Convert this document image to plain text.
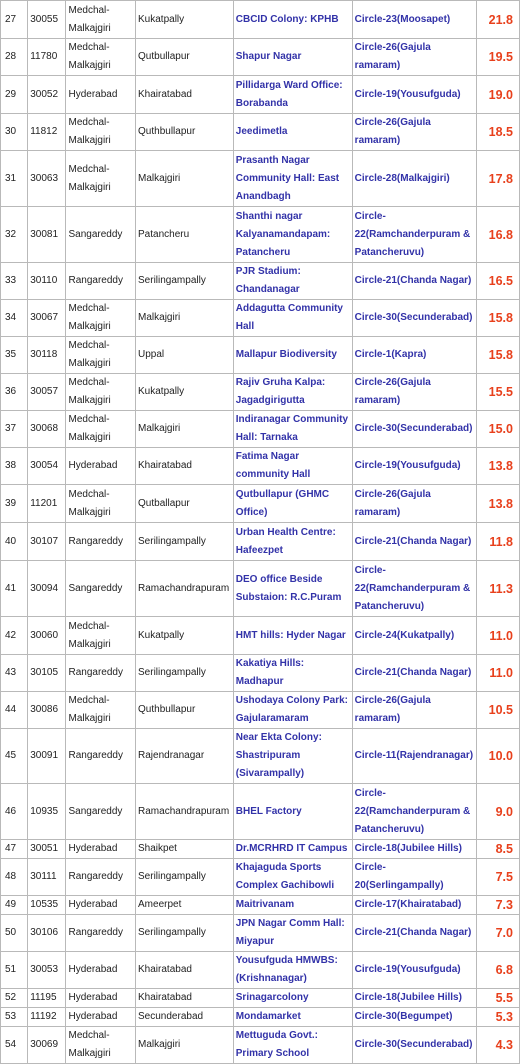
27	30055	Medchal-Malkajgiri	Kukatpally	CBCID Colony: KPHB	Circle-23(Moosapet)	21.8
28	11780	Medchal-Malkajgiri	Qutbullapur	Shapur Nagar	Circle-26(Gajula ramaram)	19.5
29	30052	Hyderabad	Khairatabad	Pillidarga Ward Office: Borabanda	Circle-19(Yousufguda)	19.0
30	11812	Medchal-Malkajgiri	Quthbullapur	Jeedimetla	Circle-26(Gajula ramaram)	18.5
31	30063	Medchal-Malkajgiri	Malkajgiri	Prasanth Nagar Community Hall: East Anandbagh	Circle-28(Malkajgiri)	17.8
32	30081	Sangareddy	Patancheru	Shanthi nagar Kalyanamandapam: Patancheru	Circle-22(Ramchanderpuram & Patancheruvu)	16.8
33	30110	Rangareddy	Serilingampally	PJR Stadium: Chandanagar	Circle-21(Chanda Nagar)	16.5
34	30067	Medchal-Malkajgiri	Malkajgiri	Addagutta Community Hall	Circle-30(Secunderabad)	15.8
35	30118	Medchal-Malkajgiri	Uppal	Mallapur Biodiversity	Circle-1(Kapra)	15.8
36	30057	Medchal-Malkajgiri	Kukatpally	Rajiv Gruha Kalpa: Jagadgirigutta	Circle-26(Gajula ramaram)	15.5
37	30068	Medchal-Malkajgiri	Malkajgiri	Indiranagar Community Hall: Tarnaka	Circle-30(Secunderabad)	15.0
38	30054	Hyderabad	Khairatabad	Fatima Nagar community Hall	Circle-19(Yousufguda)	13.8
39	11201	Medchal-Malkajgiri	Qutballapur	Qutbullapur (GHMC Office)	Circle-26(Gajula ramaram)	13.8
40	30107	Rangareddy	Serilingampally	Urban Health Centre: Hafeezpet	Circle-21(Chanda Nagar)	11.8
41	30094	Sangareddy	Ramachandrapuram	DEO office Beside Substaion: R.C.Puram	Circle-22(Ramchanderpuram & Patancheruvu)	11.3
42	30060	Medchal-Malkajgiri	Kukatpally	HMT hills: Hyder Nagar	Circle-24(Kukatpally)	11.0
43	30105	Rangareddy	Serilingampally	Kakatiya Hills: Madhapur	Circle-21(Chanda Nagar)	11.0
44	30086	Medchal-Malkajgiri	Quthbullapur	Ushodaya Colony Park: Gajularamaram	Circle-26(Gajula ramaram)	10.5
45	30091	Rangareddy	Rajendranagar	Near Ekta Colony: Shastripuram (Sivarampally)	Circle-11(Rajendranagar)	10.0
46	10935	Sangareddy	Ramachandrapuram	BHEL Factory	Circle-22(Ramchanderpuram & Patancheruvu)	9.0
47	30051	Hyderabad	Shaikpet	Dr.MCRHRD IT Campus	Circle-18(Jubilee Hills)	8.5
48	30111	Rangareddy	Serilingampally	Khajaguda Sports Complex Gachibowli	Circle-20(Serlingampally)	7.5
49	10535	Hyderabad	Ameerpet	Maitrivanam	Circle-17(Khairatabad)	7.3
50	30106	Rangareddy	Serilingampally	JPN Nagar Comm Hall: Miyapur	Circle-21(Chanda Nagar)	7.0
51	30053	Hyderabad	Khairatabad	Yousufguda HMWBS: (Krishnanagar)	Circle-19(Yousufguda)	6.8
52	11195	Hyderabad	Khairatabad	Srinagarcolony	Circle-18(Jubilee Hills)	5.5
53	11192	Hyderabad	Secunderabad	Mondamarket	Circle-30(Begumpet)	5.3
54	30069	Medchal-Malkajgiri	Malkajgiri	Mettuguda Govt.: Primary School	Circle-30(Secunderabad)	4.3
